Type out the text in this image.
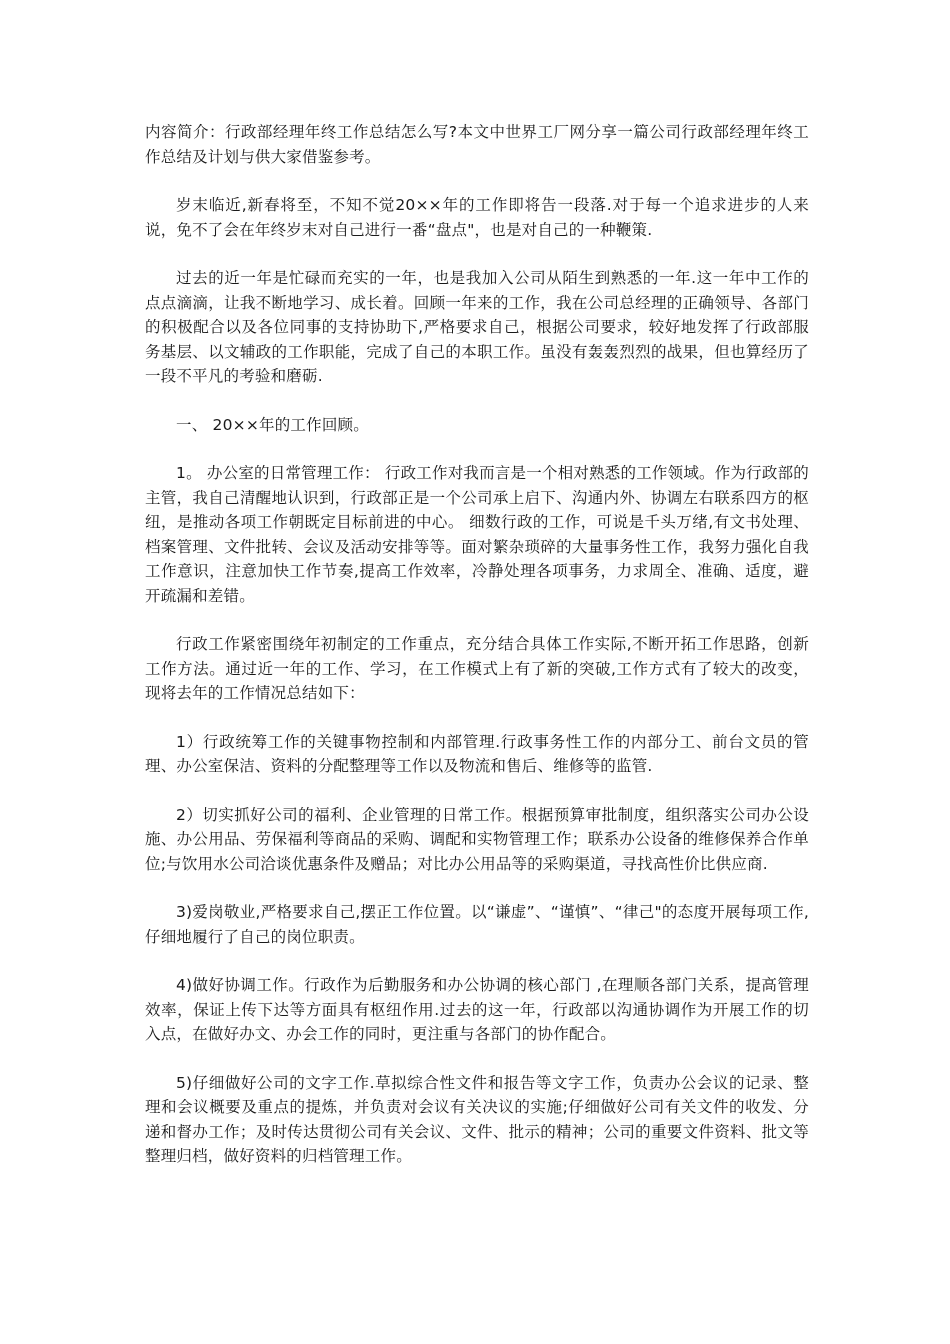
内容简介：行政部经理年终工作总结怎么写?本文中世界工厂网分享一篇公司行政部经理年终工作总结及计划与供大家借鉴参考。

岁末临近,新春将至，不知不觉20××年的工作即将告一段落.对于每一个追求进步的人来说，免不了会在年终岁末对自己进行一番“盘点"，也是对自己的一种鞭策.

过去的近一年是忙碌而充实的一年，也是我加入公司从陌生到熟悉的一年.这一年中工作的点点滴滴，让我不断地学习、成长着。回顾一年来的工作，我在公司总经理的正确领导、各部门的积极配合以及各位同事的支持协助下,严格要求自己，根据公司要求，较好地发挥了行政部服务基层、以文辅政的工作职能，完成了自己的本职工作。虽没有轰轰烈烈的战果，但也算经历了一段不平凡的考验和磨砺.

一、 20××年的工作回顾。

1。 办公室的日常管理工作： 行政工作对我而言是一个相对熟悉的工作领域。作为行政部的主管，我自己清醒地认识到，行政部正是一个公司承上启下、沟通内外、协调左右联系四方的枢纽，是推动各项工作朝既定目标前进的中心。 细数行政的工作，可说是千头万绪,有文书处理、档案管理、文件批转、会议及活动安排等等。面对繁杂琐碎的大量事务性工作，我努力强化自我工作意识，注意加快工作节奏,提高工作效率，冷静处理各项事务，力求周全、准确、适度，避开疏漏和差错。

行政工作紧密围绕年初制定的工作重点，充分结合具体工作实际,不断开拓工作思路，创新工作方法。通过近一年的工作、学习，在工作模式上有了新的突破,工作方式有了较大的改变，现将去年的工作情况总结如下：

1）行政统筹工作的关键事物控制和内部管理.行政事务性工作的内部分工、前台文员的管理、办公室保洁、资料的分配整理等工作以及物流和售后、维修等的监管.

2）切实抓好公司的福利、企业管理的日常工作。根据预算审批制度，组织落实公司办公设施、办公用品、劳保福利等商品的采购、调配和实物管理工作；联系办公设备的维修保养合作单位;与饮用水公司洽谈优惠条件及赠品；对比办公用品等的采购渠道，寻找高性价比供应商.

3)爱岗敬业,严格要求自己,摆正工作位置。以“谦虚”、“谨慎”、“律己"的态度开展每项工作,仔细地履行了自己的岗位职责。

4)做好协调工作。行政作为后勤服务和办公协调的核心部门 ,在理顺各部门关系，提高管理效率，保证上传下达等方面具有枢纽作用.过去的这一年，行政部以沟通协调作为开展工作的切入点，在做好办文、办会工作的同时，更注重与各部门的协作配合。

5)仔细做好公司的文字工作.草拟综合性文件和报告等文字工作，负责办公会议的记录、整理和会议概要及重点的提炼，并负责对会议有关决议的实施;仔细做好公司有关文件的收发、分递和督办工作；及时传达贯彻公司有关会议、文件、批示的精神；公司的重要文件资料、批文等整理归档，做好资料的归档管理工作。
